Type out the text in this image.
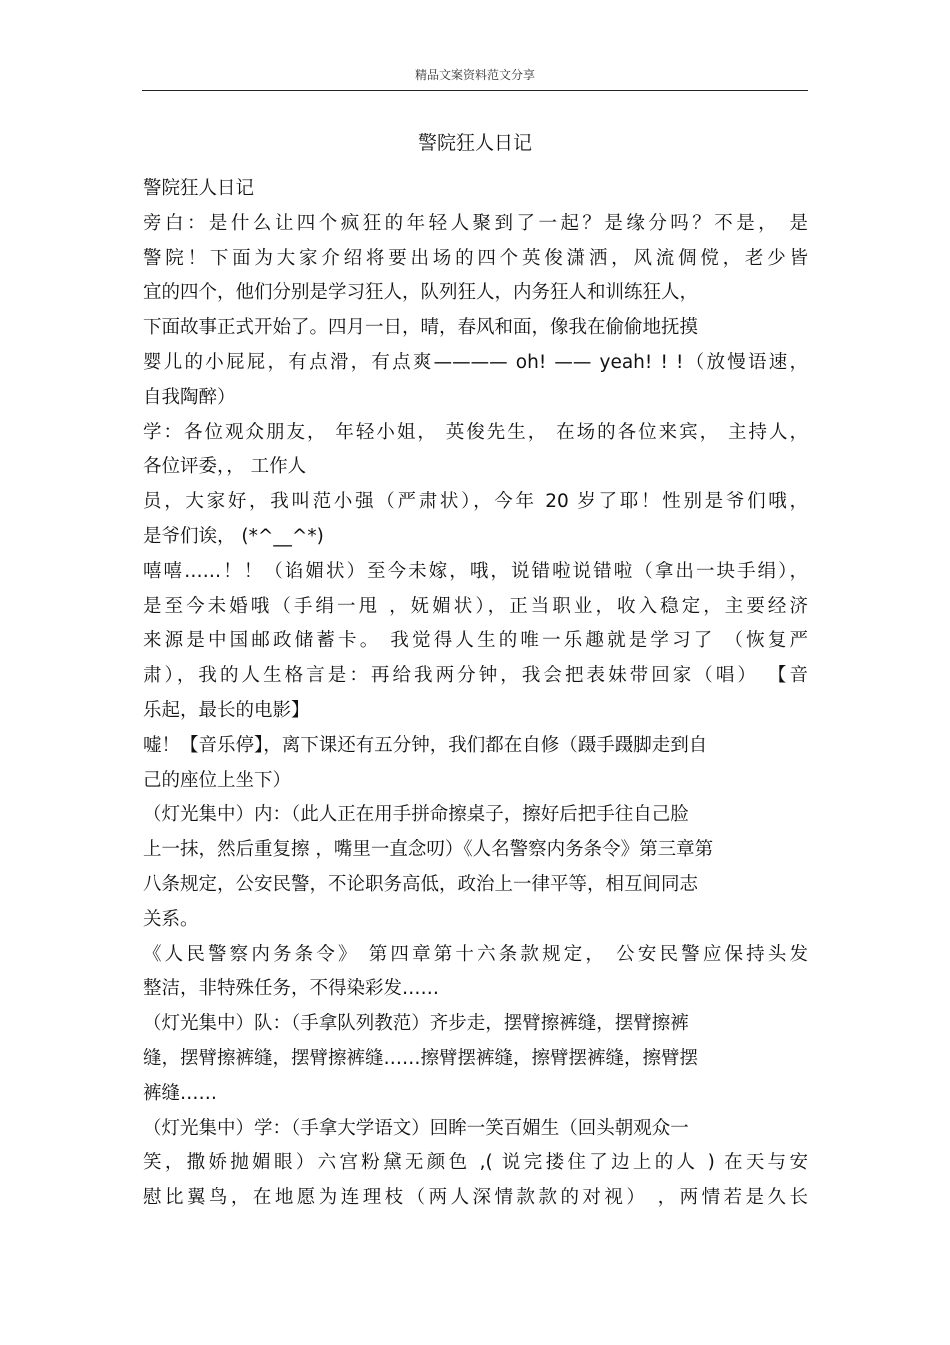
精品文案资料范文分享
警院狂人日记
警院狂人日记
旁白：是什么让四个疯狂的年轻人聚到了一起？是缘分吗？不是， 是
警院！下面为大家介绍将要出场的四个英俊潇洒，风流倜傥，老少皆
宜的四个，他们分别是学习狂人，队列狂人，内务狂人和训练狂人，
下面故事正式开始了。四月一日，晴，春风和面，像我在偷偷地抚摸
婴儿的小屁屁，有点滑，有点爽———— oh! —— yeah! ! !（放慢语速，
自我陶醉）
学：各位观众朋友， 年轻小姐， 英俊先生， 在场的各位来宾， 主持人，
各位评委，， 工作人
员，大家好，我叫范小强（严肃状），今年 20 岁了耶！性别是爷们哦，
是爷们诶， (*^__^*)
嘻嘻……！！（谄媚状）至今未嫁，哦，说错啦说错啦（拿出一块手绢），
是至今未婚哦（手绢一甩 ，妩媚状），正当职业，收入稳定，主要经济
来源是中国邮政储蓄卡。 我觉得人生的唯一乐趣就是学习了 （恢复严
肃），我的人生格言是：再给我两分钟，我会把表妹带回家（唱） 【音
乐起，最长的电影】
嘘！【音乐停】，离下课还有五分钟，我们都在自修（蹑手蹑脚走到自
己的座位上坐下）
（灯光集中）内：（此人正在用手拼命擦桌子，擦好后把手往自己脸
上一抹，然后重复擦 ，嘴里一直念叨）《人名警察内务条令》第三章第
八条规定，公安民警，不论职务高低，政治上一律平等，相互间同志
关系。
《人民警察内务条令》 第四章第十六条款规定， 公安民警应保持头发
整洁，非特殊任务，不得染彩发……
（灯光集中）队：（手拿队列教范）齐步走，摆臂擦裤缝，摆臂擦裤
缝，摆臂擦裤缝，摆臂擦裤缝……擦臂摆裤缝，擦臂摆裤缝，擦臂摆
裤缝……
（灯光集中）学：（手拿大学语文）回眸一笑百媚生（回头朝观众一
笑，撒娇抛媚眼）六宫粉黛无颜色 ,( 说完搂住了边上的人 ) 在天与安
慰比翼鸟，在地愿为连理枝（两人深情款款的对视） ，两情若是久长
